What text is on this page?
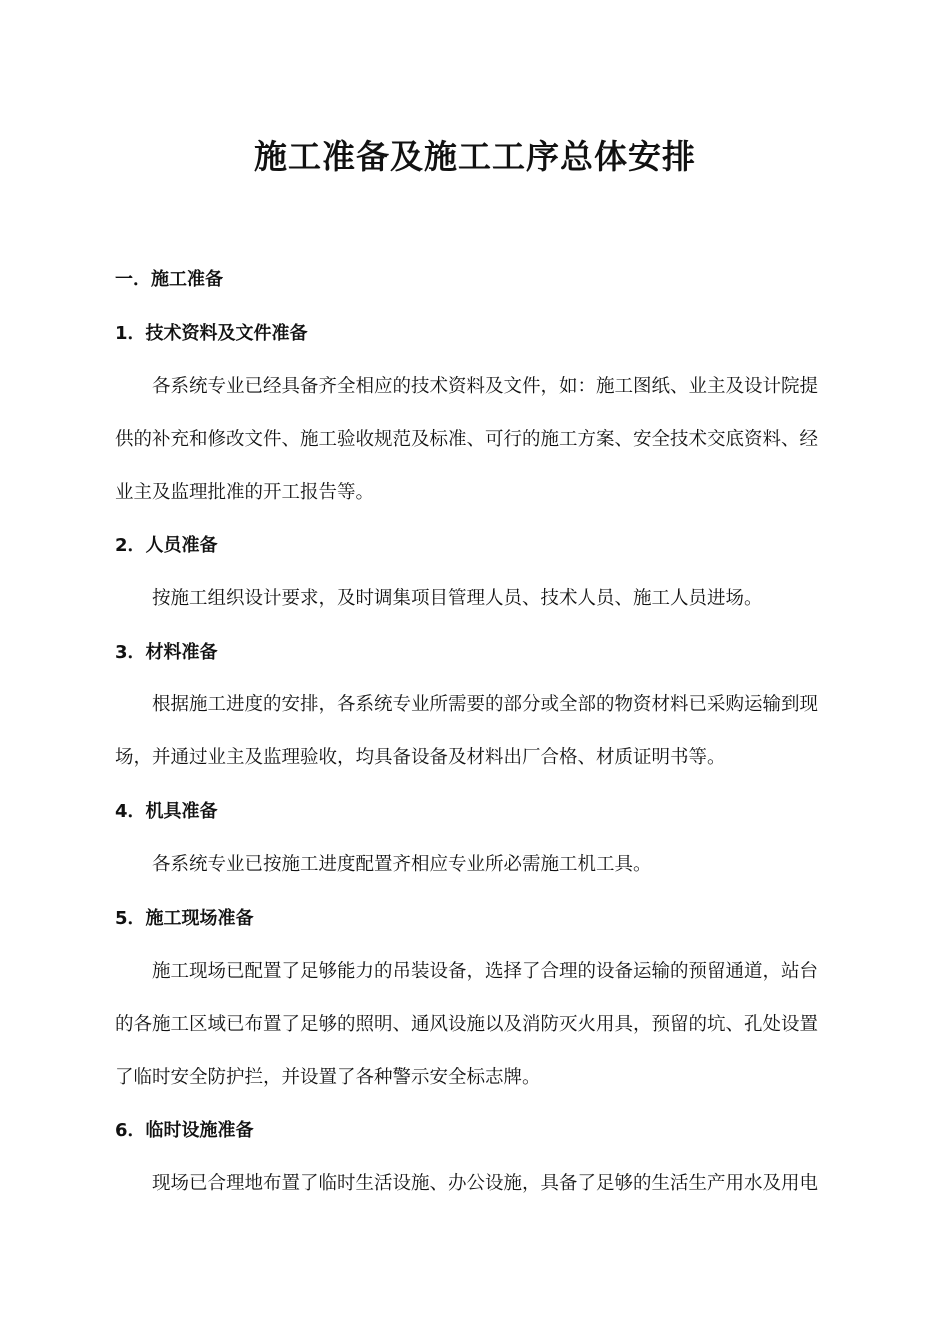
施工准备及施工工序总体安排
一．施工准备
1．技术资料及文件准备
各系统专业已经具备齐全相应的技术资料及文件，如：施工图纸、业主及设计院提
供的补充和修改文件、施工验收规范及标准、可行的施工方案、安全技术交底资料、经
业主及监理批准的开工报告等。
2．人员准备
按施工组织设计要求，及时调集项目管理人员、技术人员、施工人员进场。
3．材料准备
根据施工进度的安排，各系统专业所需要的部分或全部的物资材料已采购运输到现
场，并通过业主及监理验收，均具备设备及材料出厂合格、材质证明书等。
4．机具准备
各系统专业已按施工进度配置齐相应专业所必需施工机工具。
5．施工现场准备
施工现场已配置了足够能力的吊装设备，选择了合理的设备运输的预留通道，站台
的各施工区域已布置了足够的照明、通风设施以及消防灭火用具，预留的坑、孔处设置
了临时安全防护拦，并设置了各种警示安全标志牌。
6．临时设施准备
现场已合理地布置了临时生活设施、办公设施，具备了足够的生活生产用水及用电
